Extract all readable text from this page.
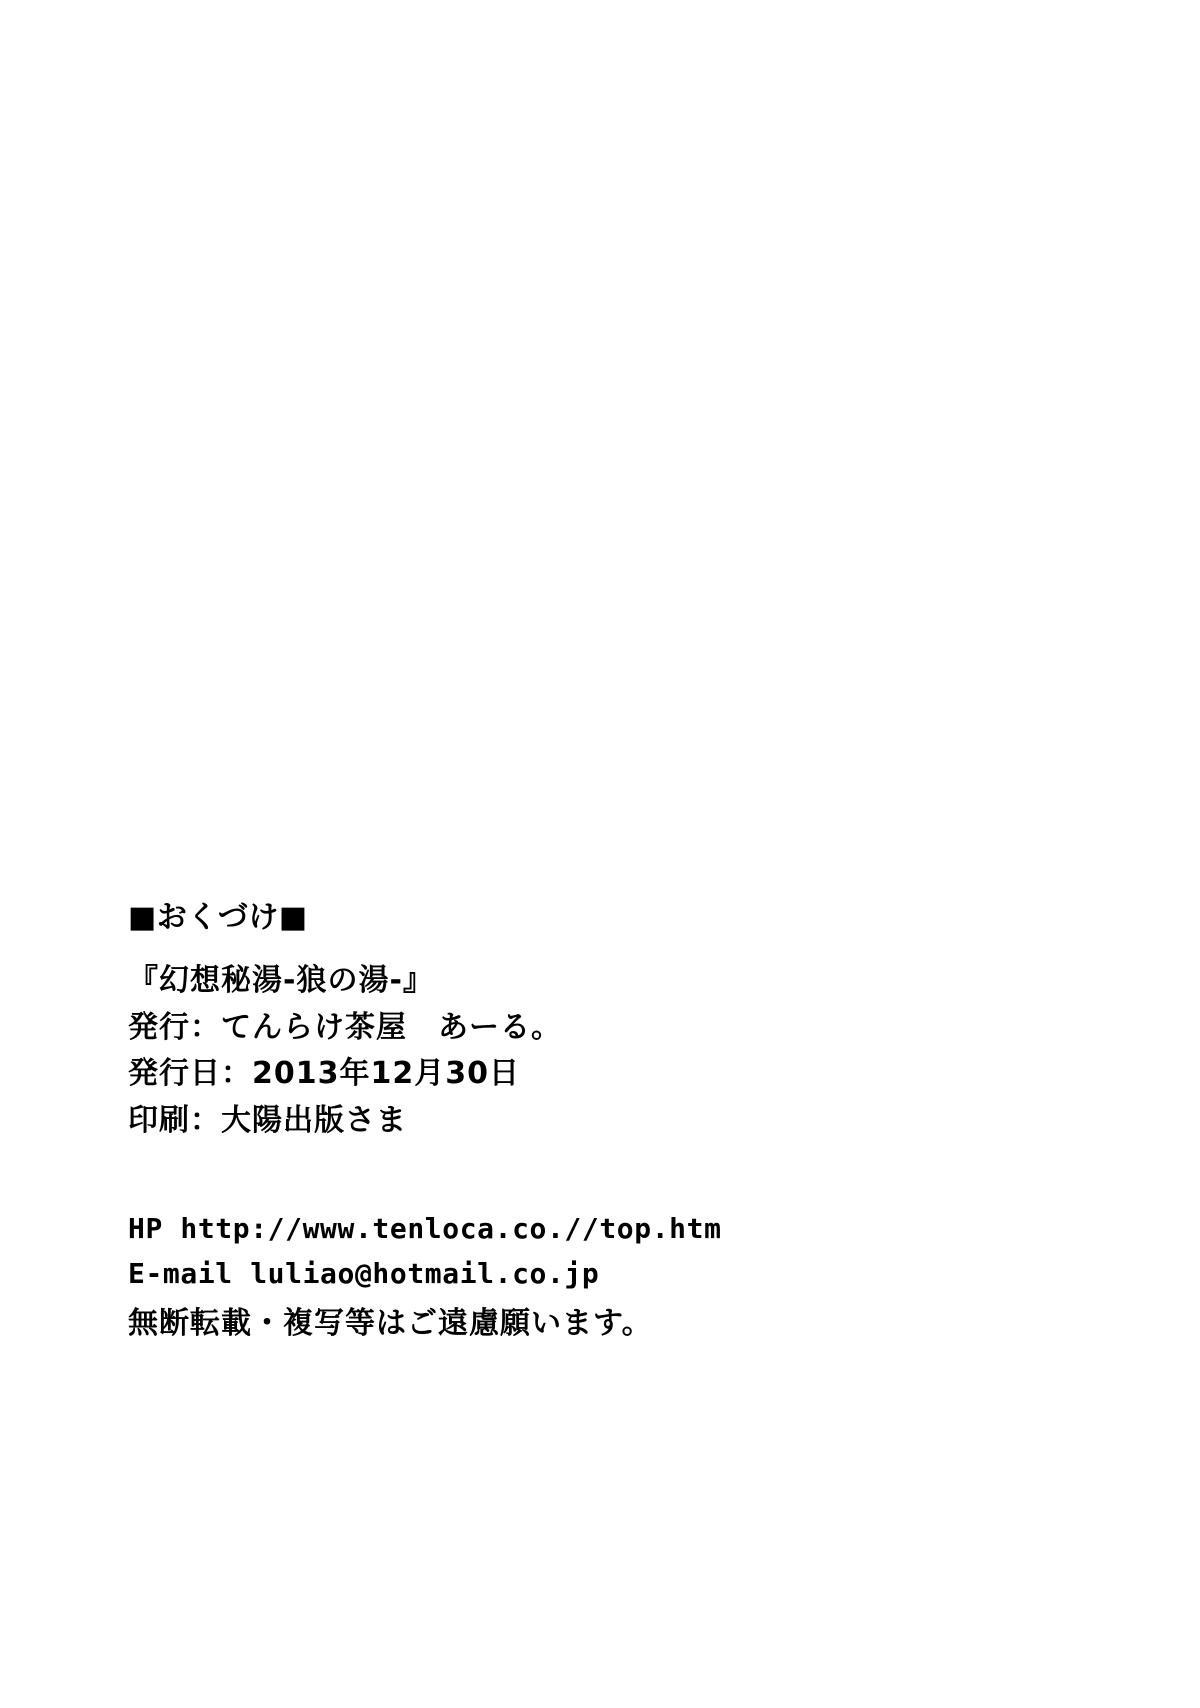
■おくづけ■
『幻想秘湯-狼の湯-』
発行：てんらけ茶屋　あーる。
発行日：2013年12月30日
印刷：大陽出版さま
HP http://www.tenloca.co.//top.htm
E-mail luliao@hotmail.co.jp
無断転載・複写等はご遠慮願います。
